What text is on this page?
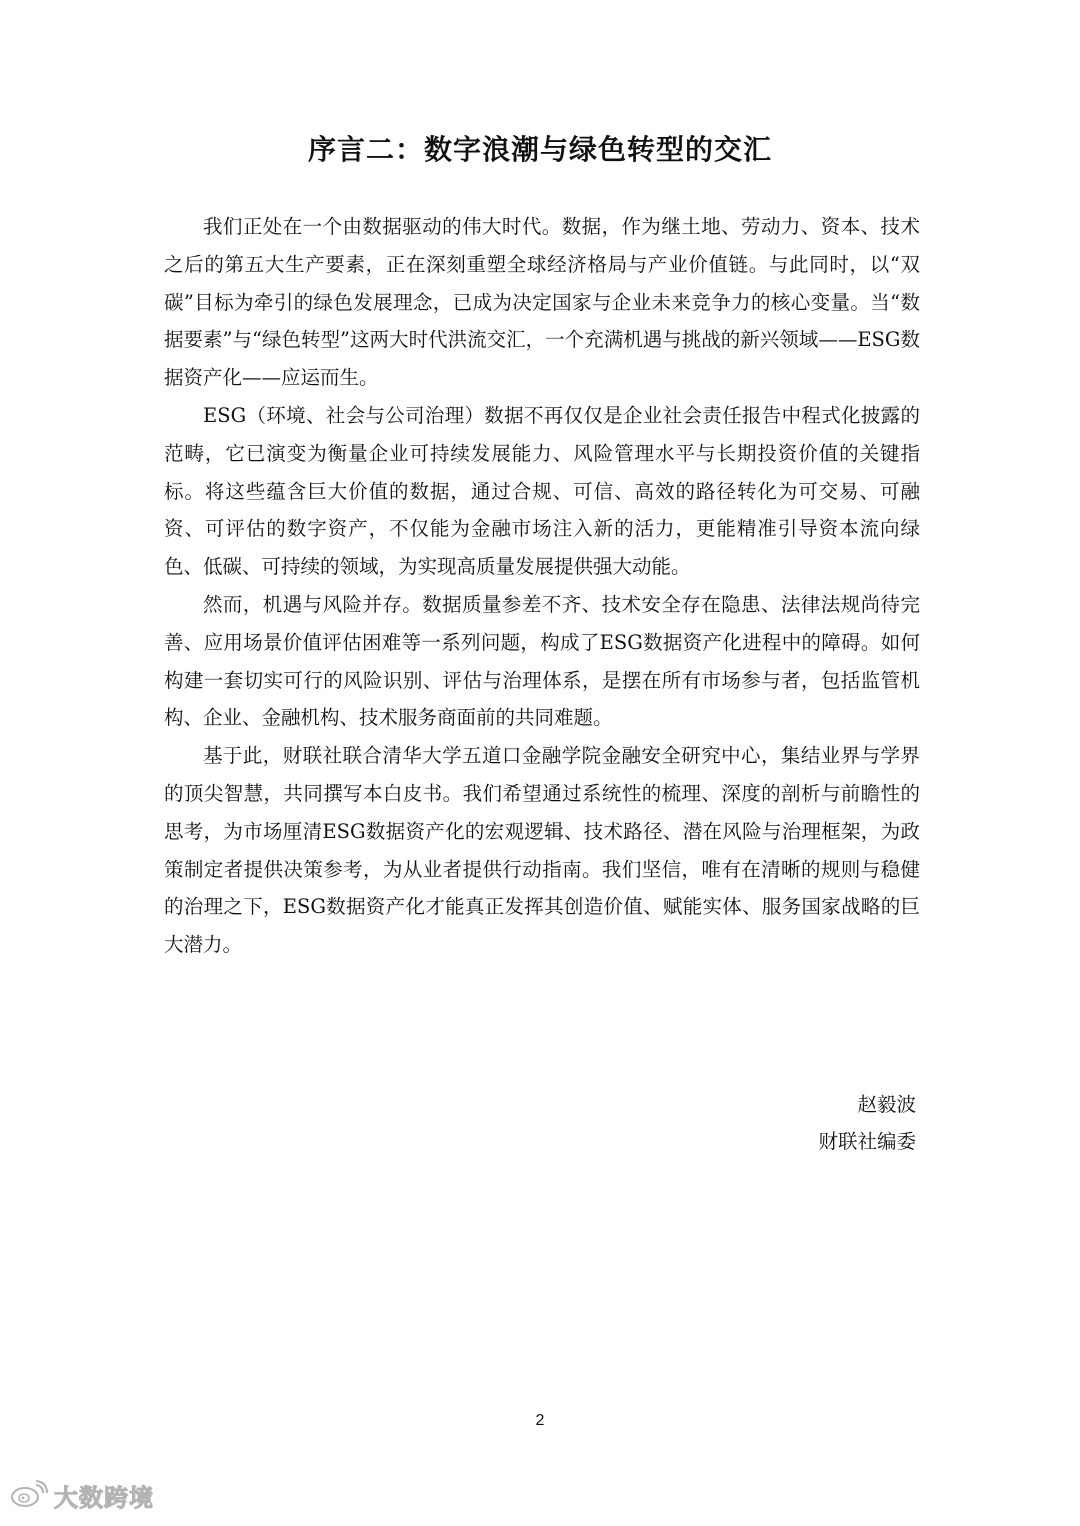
序言二：数字浪潮与绿色转型的交汇

我们正处在一个由数据驱动的伟大时代。数据，作为继土地、劳动力、资本、技术之后的第五大生产要素，正在深刻重塑全球经济格局与产业价值链。与此同时，以“双碳”目标为牵引的绿色发展理念，已成为决定国家与企业未来竞争力的核心变量。当“数据要素”与“绿色转型”这两大时代洪流交汇，一个充满机遇与挑战的新兴领域——ESG数据资产化——应运而生。

ESG（环境、社会与公司治理）数据不再仅仅是企业社会责任报告中程式化披露的范畴，它已演变为衡量企业可持续发展能力、风险管理水平与长期投资价值的关键指标。将这些蕴含巨大价值的数据，通过合规、可信、高效的路径转化为可交易、可融资、可评估的数字资产，不仅能为金融市场注入新的活力，更能精准引导资本流向绿色、低碳、可持续的领域，为实现高质量发展提供强大动能。

然而，机遇与风险并存。数据质量参差不齐、技术安全存在隐患、法律法规尚待完善、应用场景价值评估困难等一系列问题，构成了ESG数据资产化进程中的障碍。如何构建一套切实可行的风险识别、评估与治理体系，是摆在所有市场参与者，包括监管机构、企业、金融机构、技术服务商面前的共同难题。

基于此，财联社联合清华大学五道口金融学院金融安全研究中心，集结业界与学界的顶尖智慧，共同撰写本白皮书。我们希望通过系统性的梳理、深度的剖析与前瞻性的思考，为市场厘清ESG数据资产化的宏观逻辑、技术路径、潜在风险与治理框架，为政策制定者提供决策参考，为从业者提供行动指南。我们坚信，唯有在清晰的规则与稳健的治理之下，ESG数据资产化才能真正发挥其创造价值、赋能实体、服务国家战略的巨大潜力。

赵毅波
财联社编委
2
大数跨境
